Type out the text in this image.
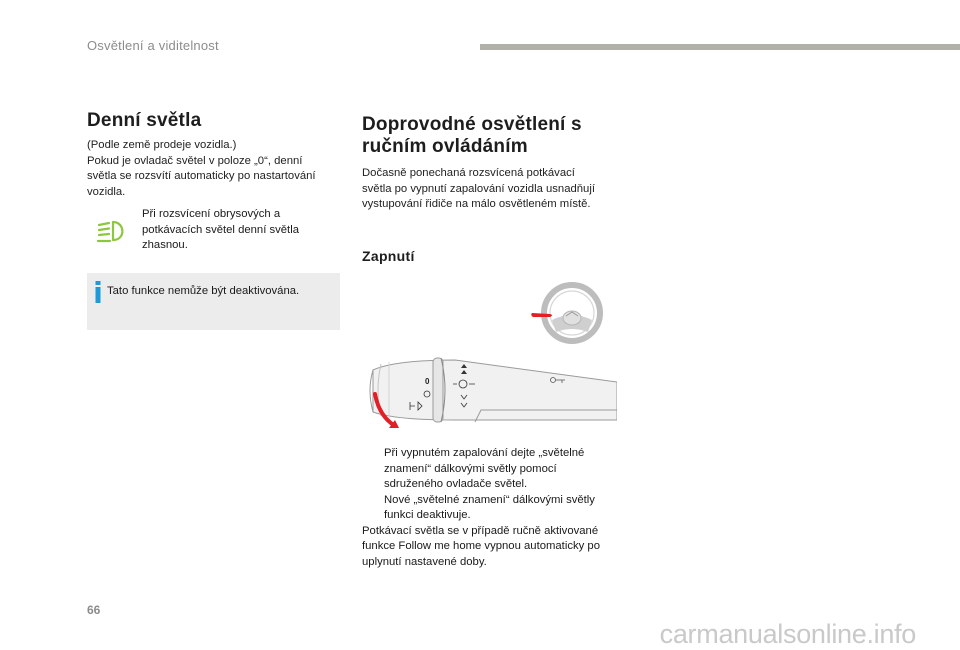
Osvětlení a viditelnost
Denní světla
(Podle země prodeje vozidla.)
Pokud je ovladač světel v poloze „0“, denní
světla se rozsvítí automaticky po nastartování
vozidla.
Při rozsvícení obrysových a
potkávacích světel denní světla
zhasnou.
Tato funkce nemůže být deaktivována.
Doprovodné osvětlení s
ručním ovládáním
Dočasně ponechaná rozsvícená potkávací
světla po vypnutí zapalování vozidla usnadňují
vystupování řidiče na málo osvětleném místě.
Zapnutí
0
Při vypnutém zapalování dejte „světelné
znamení“ dálkovými světly pomocí
sdruženého ovladače světel.
Nové „světelné znamení“ dálkovými světly
funkci deaktivuje.
Potkávací světla se v případě ručně aktivované
funkce Follow me home vypnou automaticky po
uplynutí nastavené doby.
66
carmanualsonline.info
